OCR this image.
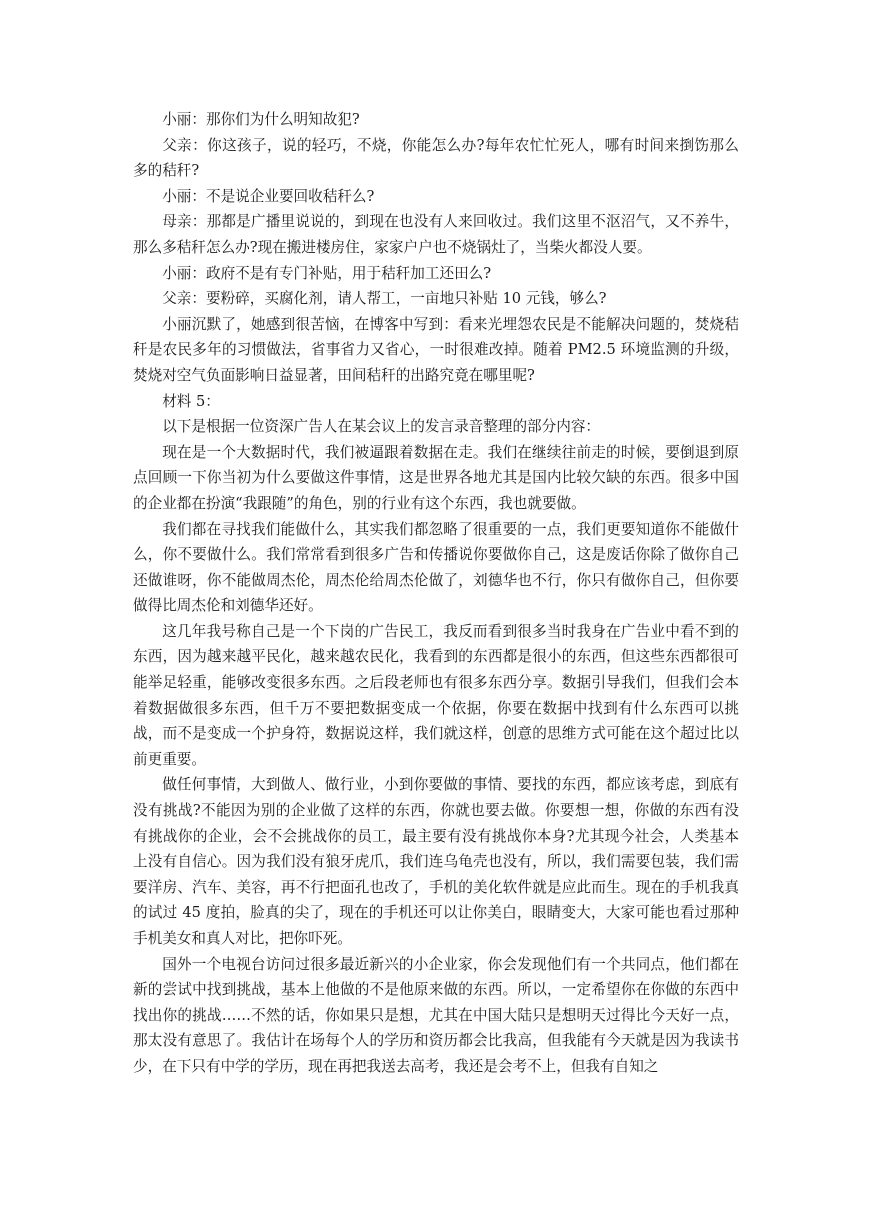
小丽：那你们为什么明知故犯?

父亲：你这孩子，说的轻巧，不烧，你能怎么办?每年农忙忙死人，哪有时间来捯饬那么多的秸秆?

小丽：不是说企业要回收秸秆么?

母亲：那都是广播里说说的，到现在也没有人来回收过。我们这里不沤沼气，又不养牛，那么多秸秆怎么办?现在搬进楼房住，家家户户也不烧锅灶了，当柴火都没人要。

小丽：政府不是有专门补贴，用于秸秆加工还田么?

父亲：要粉碎，买腐化剂，请人帮工，一亩地只补贴 10 元钱，够么?

小丽沉默了，她感到很苦恼，在博客中写到：看来光埋怨农民是不能解决问题的，焚烧秸秆是农民多年的习惯做法，省事省力又省心，一时很难改掉。随着 PM2.5 环境监测的升级，焚烧对空气负面影响日益显著，田间秸秆的出路究竟在哪里呢?

材料 5：

以下是根据一位资深广告人在某会议上的发言录音整理的部分内容：

现在是一个大数据时代，我们被逼跟着数据在走。我们在继续往前走的时候，要倒退到原点回顾一下你当初为什么要做这件事情，这是世界各地尤其是国内比较欠缺的东西。很多中国的企业都在扮演“我跟随”的角色，别的行业有这个东西，我也就要做。

我们都在寻找我们能做什么，其实我们都忽略了很重要的一点，我们更要知道你不能做什么，你不要做什么。我们常常看到很多广告和传播说你要做你自己，这是废话你除了做你自己还做谁呀，你不能做周杰伦，周杰伦给周杰伦做了，刘德华也不行，你只有做你自己，但你要做得比周杰伦和刘德华还好。

这几年我号称自己是一个下岗的广告民工，我反而看到很多当时我身在广告业中看不到的东西，因为越来越平民化，越来越农民化，我看到的东西都是很小的东西，但这些东西都很可能举足轻重，能够改变很多东西。之后段老师也有很多东西分享。数据引导我们，但我们会本着数据做很多东西，但千万不要把数据变成一个依据，你要在数据中找到有什么东西可以挑战，而不是变成一个护身符，数据说这样，我们就这样，创意的思维方式可能在这个超过比以前更重要。

做任何事情，大到做人、做行业，小到你要做的事情、要找的东西，都应该考虑，到底有没有挑战?不能因为别的企业做了这样的东西，你就也要去做。你要想一想，你做的东西有没有挑战你的企业，会不会挑战你的员工，最主要有没有挑战你本身?尤其现今社会，人类基本上没有自信心。因为我们没有狼牙虎爪，我们连乌龟壳也没有，所以，我们需要包装，我们需要洋房、汽车、美容，再不行把面孔也改了，手机的美化软件就是应此而生。现在的手机我真的试过 45 度拍，脸真的尖了，现在的手机还可以让你美白，眼睛变大，大家可能也看过那种手机美女和真人对比，把你吓死。

国外一个电视台访问过很多最近新兴的小企业家，你会发现他们有一个共同点，他们都在新的尝试中找到挑战，基本上他做的不是他原来做的东西。所以，一定希望你在你做的东西中找出你的挑战……不然的话，你如果只是想，尤其在中国大陆只是想明天过得比今天好一点，那太没有意思了。我估计在场每个人的学历和资历都会比我高，但我能有今天就是因为我读书少，在下只有中学的学历，现在再把我送去高考，我还是会考不上，但我有自知之
